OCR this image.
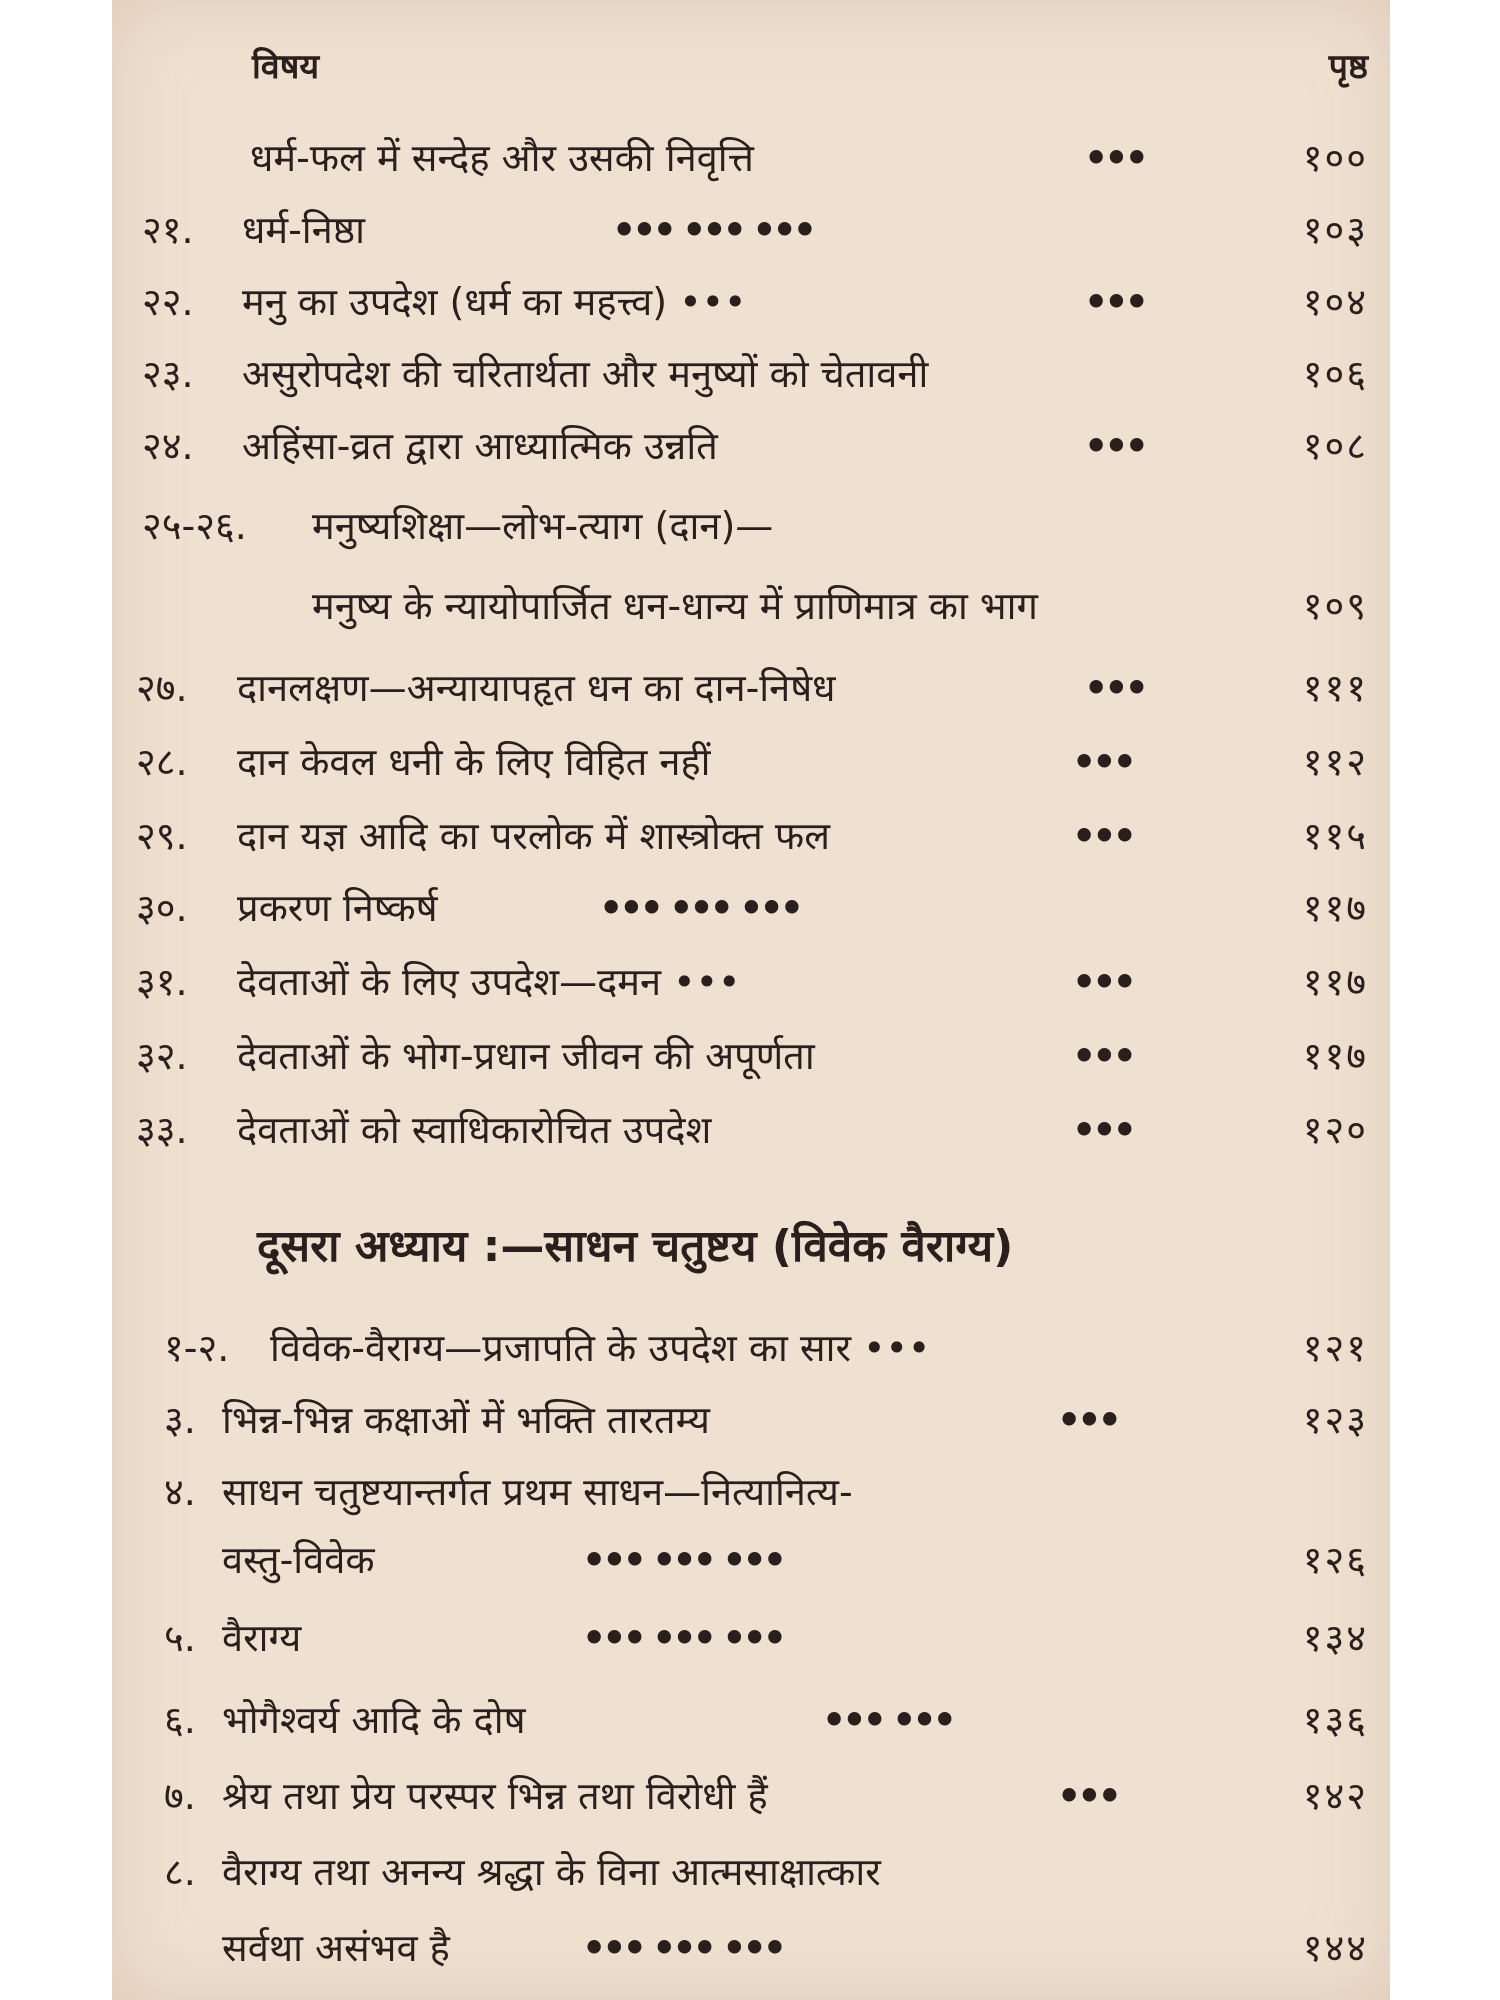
विषय	पृष्ठ
धर्म-फल में सन्देह और उसकी निवृत्ति	•••	१००
२१. धर्म-निष्ठा	••• ••• •••	१०३
२२. मनु का उपदेश (धर्म का महत्त्व) •••	•••	१०४
२३. असुरोपदेश की चरितार्थता और मनुष्यों को चेतावनी	१०६
२४. अहिंसा-व्रत द्वारा आध्यात्मिक उन्नति	•••	१०८
२५-२६. मनुष्यशिक्षा—लोभ-त्याग (दान)—
मनुष्य के न्यायोपार्जित धन-धान्य में प्राणिमात्र का भाग	१०९
२७. दानलक्षण—अन्यायापहृत धन का दान-निषेध	•••	१११
२८. दान केवल धनी के लिए विहित नहीं	•••	११२
२९. दान यज्ञ आदि का परलोक में शास्त्रोक्त फल	•••	११५
३०. प्रकरण निष्कर्ष	••• ••• •••	११७
३१. देवताओं के लिए उपदेश—दमन •••	•••	११७
३२. देवताओं के भोग-प्रधान जीवन की अपूर्णता	•••	११७
३३. देवताओं को स्वाधिकारोचित उपदेश	•••	१२०
दूसरा अध्याय :—साधन चतुष्टय (विवेक वैराग्य)
१-२. विवेक-वैराग्य—प्रजापति के उपदेश का सार •••	१२१
३. भिन्न-भिन्न कक्षाओं में भक्ति तारतम्य	•••	१२३
४. साधन चतुष्टयान्तर्गत प्रथम साधन—नित्यानित्य-
वस्तु-विवेक	••• ••• •••	१२६
५. वैराग्य	••• ••• •••	१३४
६. भोगैश्वर्य आदि के दोष	••• •••	१३६
७. श्रेय तथा प्रेय परस्पर भिन्न तथा विरोधी हैं	•••	१४२
८. वैराग्य तथा अनन्य श्रद्धा के विना आत्मसाक्षात्कार
सर्वथा असंभव है	••• ••• •••	१४४
